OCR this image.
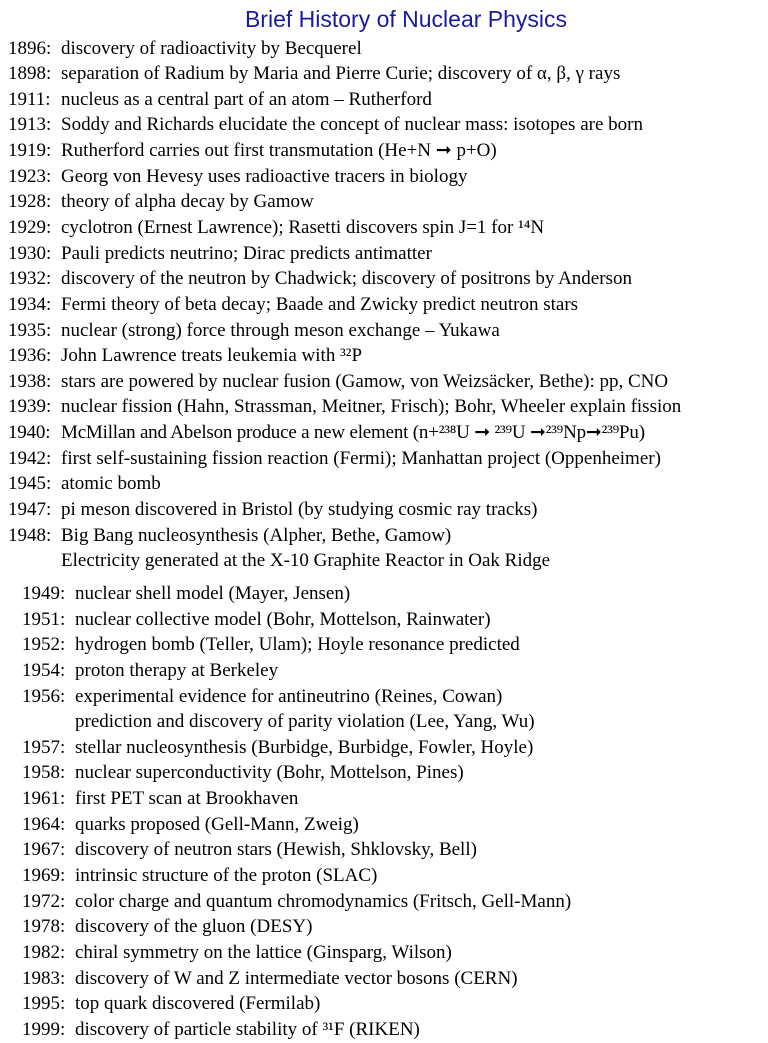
Brief History of Nuclear Physics
1896: discovery of radioactivity by Becquerel
1898: separation of Radium by Maria and Pierre Curie; discovery of α, β, γ rays
1911: nucleus as a central part of an atom – Rutherford
1913: Soddy and Richards elucidate the concept of nuclear mass: isotopes are born
1919: Rutherford carries out first transmutation (He+N ➞ p+O)
1923: Georg von Hevesy uses radioactive tracers in biology
1928: theory of alpha decay by Gamow
1929: cyclotron (Ernest Lawrence); Rasetti discovers spin J=1 for ¹⁴N
1930: Pauli predicts neutrino; Dirac predicts antimatter
1932: discovery of the neutron by Chadwick; discovery of positrons by Anderson
1934: Fermi theory of beta decay; Baade and Zwicky predict neutron stars
1935: nuclear (strong) force through meson exchange – Yukawa
1936: John Lawrence treats leukemia with ³²P
1938: stars are powered by nuclear fusion (Gamow, von Weizsäcker, Bethe): pp, CNO
1939: nuclear fission (Hahn, Strassman, Meitner, Frisch); Bohr, Wheeler explain fission
1940: McMillan and Abelson produce a new element (n+²³⁸U ➞ ²³⁹U ➞²³⁹Np➞²³⁹Pu)
1942: first self-sustaining fission reaction (Fermi); Manhattan project (Oppenheimer)
1945: atomic bomb
1947: pi meson discovered in Bristol (by studying cosmic ray tracks)
1948: Big Bang nucleosynthesis (Alpher, Bethe, Gamow)
Electricity generated at the X-10 Graphite Reactor in Oak Ridge
1949: nuclear shell model (Mayer, Jensen)
1951: nuclear collective model (Bohr, Mottelson, Rainwater)
1952: hydrogen bomb (Teller, Ulam); Hoyle resonance predicted
1954: proton therapy at Berkeley
1956: experimental evidence for antineutrino (Reines, Cowan)
prediction and discovery of parity violation (Lee, Yang, Wu)
1957: stellar nucleosynthesis (Burbidge, Burbidge, Fowler, Hoyle)
1958: nuclear superconductivity (Bohr, Mottelson, Pines)
1961: first PET scan at Brookhaven
1964: quarks proposed (Gell-Mann, Zweig)
1967: discovery of neutron stars (Hewish, Shklovsky, Bell)
1969: intrinsic structure of the proton (SLAC)
1972: color charge and quantum chromodynamics (Fritsch, Gell-Mann)
1978: discovery of the gluon (DESY)
1982: chiral symmetry on the lattice (Ginsparg, Wilson)
1983: discovery of W and Z intermediate vector bosons (CERN)
1995: top quark discovered (Fermilab)
1999: discovery of particle stability of ³¹F (RIKEN)
